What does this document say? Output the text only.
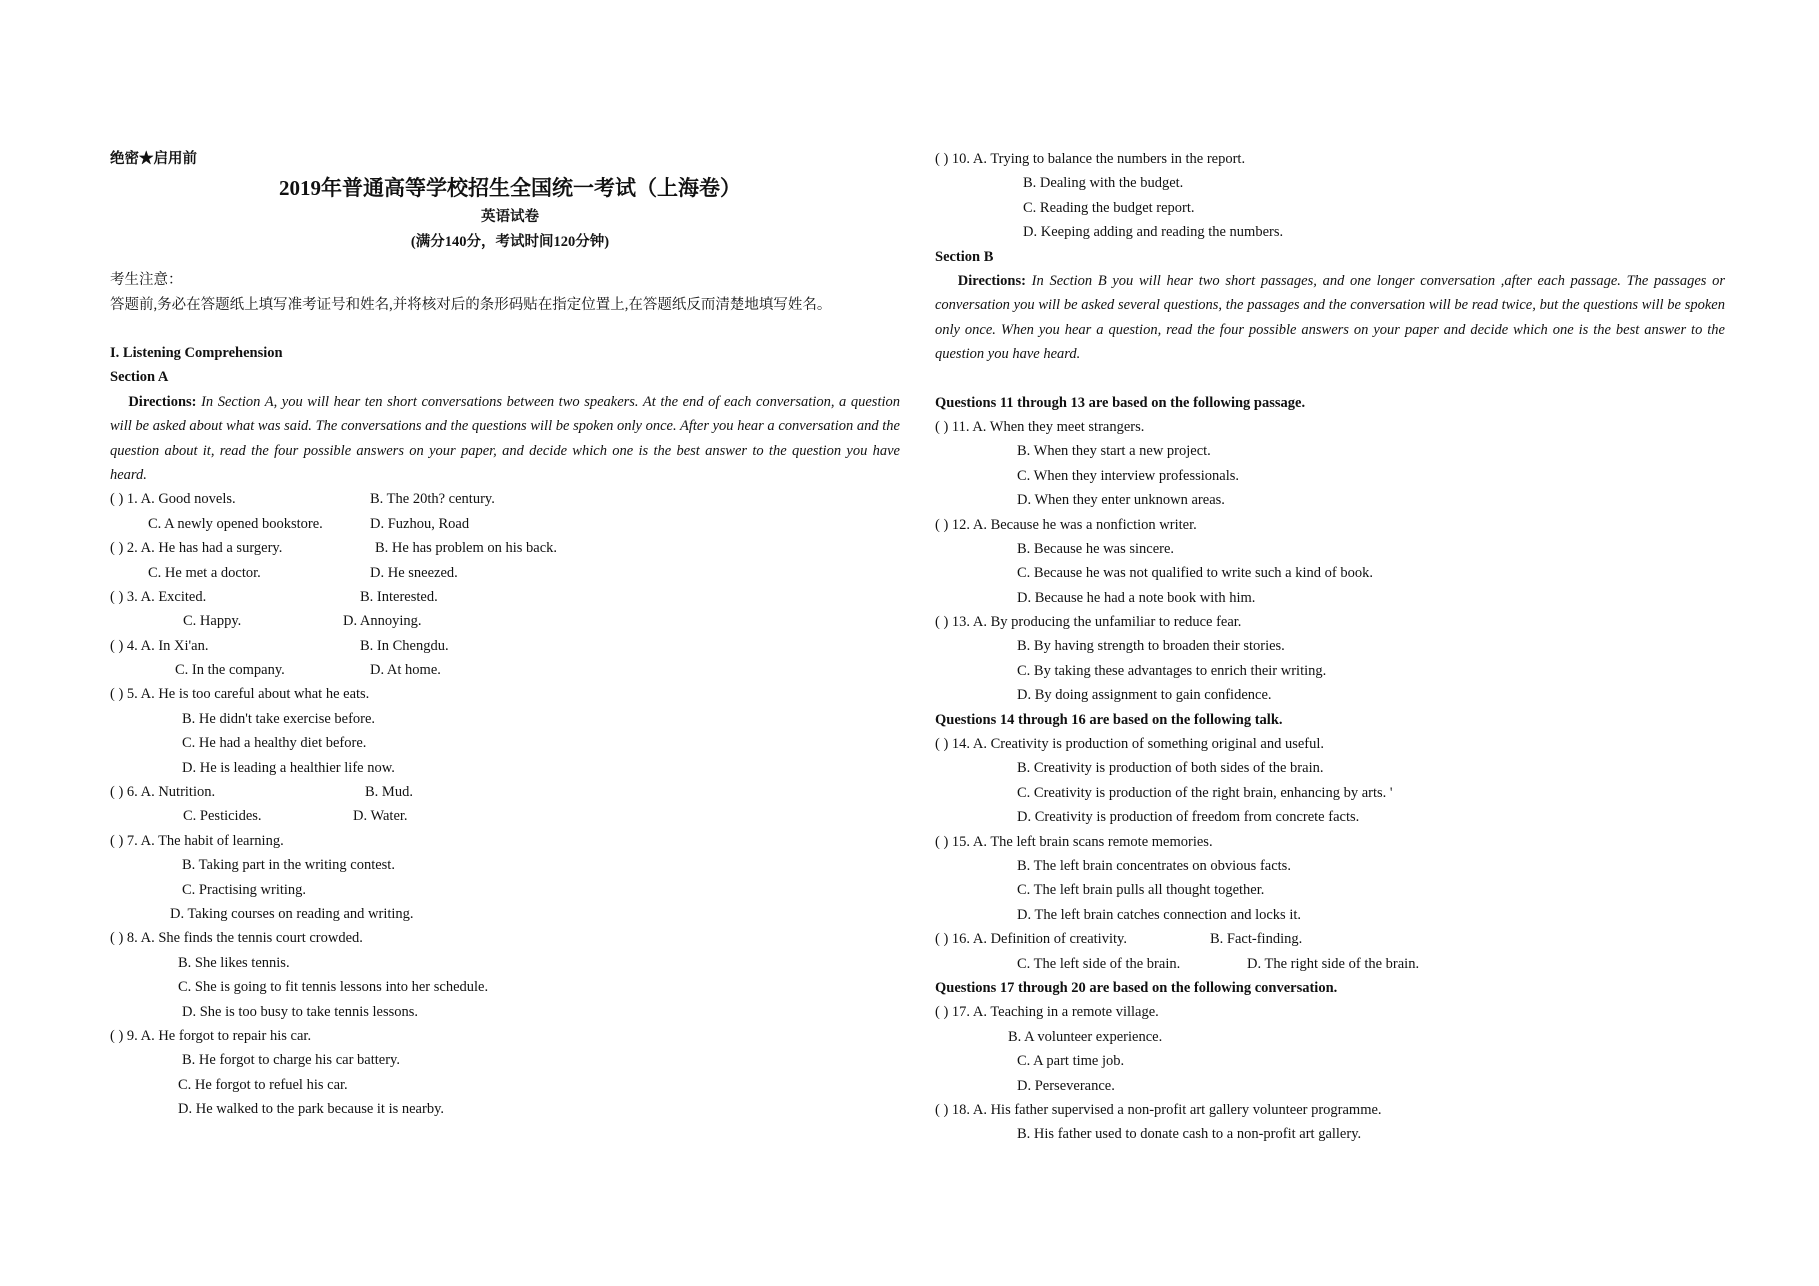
绝密★启用前
2019年普通高等学校招生全国统一考试（上海卷）
英语试卷
(满分140分，考试时间120分钟)
考生注意：
答题前,务必在答题纸上填写准考证号和姓名,并将核对后的条形码贴在指定位置上,在答题纸反而清楚地填写姓名。
I. Listening Comprehension
Section A
Directions: In Section A, you will hear ten short conversations between two speakers. At the end of each conversation, a question will be asked about what was said. The conversations and the questions will be spoken only once. After you hear a conversation and the question about it, read the four possible answers on your paper, and decide which one is the best answer to the question you have heard.
( ) 1. A. Good novels.	B. The 20th? century.
C. A newly opened bookstore.	D. Fuzhou, Road
( ) 2. A. He has had a surgery.	B. He has problem on his back.
C. He met a doctor.	D. He sneezed.
( ) 3. A. Excited.	B. Interested.
C. Happy.	D. Annoying.
( ) 4. A. In Xi'an.	B. In Chengdu.
C. In the company.	D. At home.
( ) 5. A. He is too careful about what he eats.
B. He didn't take exercise before.
C. He had a healthy diet before.
D. He is leading a healthier life now.
( ) 6. A. Nutrition.	B. Mud.
C. Pesticides.	D. Water.
( ) 7. A. The habit of learning.
B. Taking part in the writing contest.
C. Practising writing.
D. Taking courses on reading and writing.
( ) 8. A. She finds the tennis court crowded.
B. She likes tennis.
C. She is going to fit tennis lessons into her schedule.
D. She is too busy to take tennis lessons.
( ) 9. A. He forgot to repair his car.
B. He forgot to charge his car battery.
C. He forgot to refuel his car.
D. He walked to the park because it is nearby.
( ) 10. A. Trying to balance the numbers in the report.
B. Dealing with the budget.
C. Reading the budget report.
D. Keeping adding and reading the numbers.
Section B
Directions: In Section B you will hear two short passages, and one longer conversation ,after each passage. The passages or conversation you will be asked several questions, the passages and the conversation will be read twice, but the questions will be spoken only once. When you hear a question, read the four possible answers on your paper and decide which one is the best answer to the question you have heard.
Questions 11 through 13 are based on the following passage.
( ) 11. A. When they meet strangers.
B. When they start a new project.
C. When they interview professionals.
D. When they enter unknown areas.
( ) 12. A. Because he was a nonfiction writer.
B. Because he was sincere.
C. Because he was not qualified to write such a kind of book.
D. Because he had a note book with him.
( ) 13. A. By producing the unfamiliar to reduce fear.
B. By having strength to broaden their stories.
C. By taking these advantages to enrich their writing.
D. By doing assignment to gain confidence.
Questions 14 through 16 are based on the following talk.
( ) 14. A. Creativity is production of something original and useful.
B. Creativity is production of both sides of the brain.
C. Creativity is production of the right brain, enhancing by arts. '
D. Creativity is production of freedom from concrete facts.
( ) 15. A. The left brain scans remote memories.
B. The left brain concentrates on obvious facts.
C. The left brain pulls all thought together.
D. The left brain catches connection and locks it.
( ) 16. A. Definition of creativity.	B. Fact-finding.
C. The left side of the brain.	D. The right side of the brain.
Questions 17 through 20 are based on the following conversation.
( ) 17. A. Teaching in a remote village.
B. A volunteer experience.
C. A part time job.
D. Perseverance.
( ) 18. A. His father supervised a non-profit art gallery volunteer programme.
B. His father used to donate cash to a non-profit art gallery.
